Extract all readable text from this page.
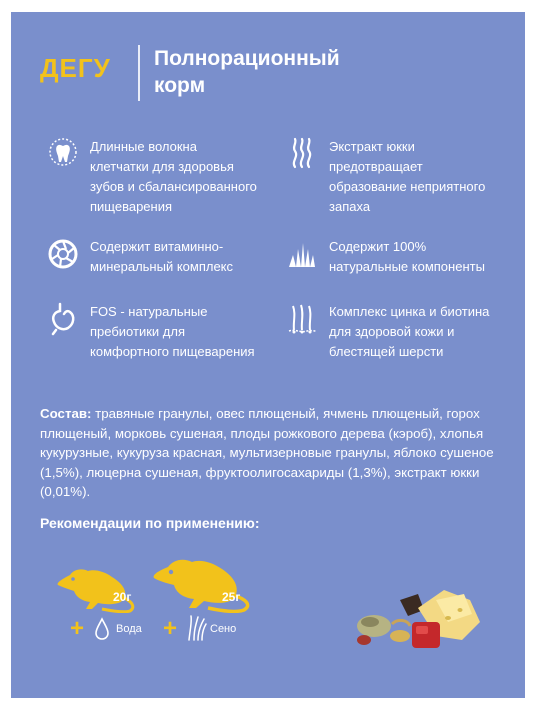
ДЕГУ	Полнорационный
корм
Длинные волокна
клетчатки для здоровья
зубов и сбалансированного
пищеварения
Экстракт юкки
предотвращает
образование неприятного
запаха
Содержит витаминно-
минеральный комплекс
Содержит 100%
натуральные компоненты
FOS - натуральные
пребиотики для
комфортного пищеварения
Комплекс цинка и биотина
для здоровой кожи и
блестящей шерсти
Состав: травяные гранулы, овес плющеный, ячмень плющеный, горох плющеный, морковь сушеная, плоды рожкового дерева (кэроб), хлопья кукурузные, кукуруза красная, мультизерновые гранулы, яблоко сушеное (1,5%), люцерна сушеная, фруктоолигосахариды (1,3%), экстракт юкки (0,01%).
Рекомендации по применению:
20г	25г
+	Вода +	Сено
